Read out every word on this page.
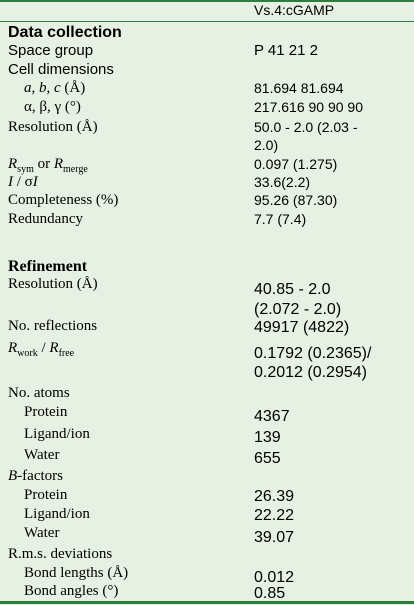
Vs.4:cGAMP
Data collection
Space group	P 41 21 2
Cell dimensions
a, b, c (Å)	81.694 81.694
α, β, γ (°)	217.616 90 90 90
Resolution (Å)	50.0 - 2.0 (2.03 -
2.0)
$R_{sym}$ or $R_{merge}$	0.097 (1.275)
I / σI	33.6(2.2)
Completeness (%)	95.26 (87.30)
Redundancy	7.7 (7.4)
Refinement
Resolution (Å)	40.85 - 2.0
(2.072 - 2.0)
No. reflections	49917 (4822)
$R_{work} / R_{free}$	0.1792 (0.2365)/
0.2012 (0.2954)
No. atoms
Protein	4367
Ligand/ion	139
Water	655
B-factors
Protein	26.39
Ligand/ion	22.22
Water	39.07
R.m.s. deviations
Bond lengths (Å)	0.012
Bond angles (°)	0.85
